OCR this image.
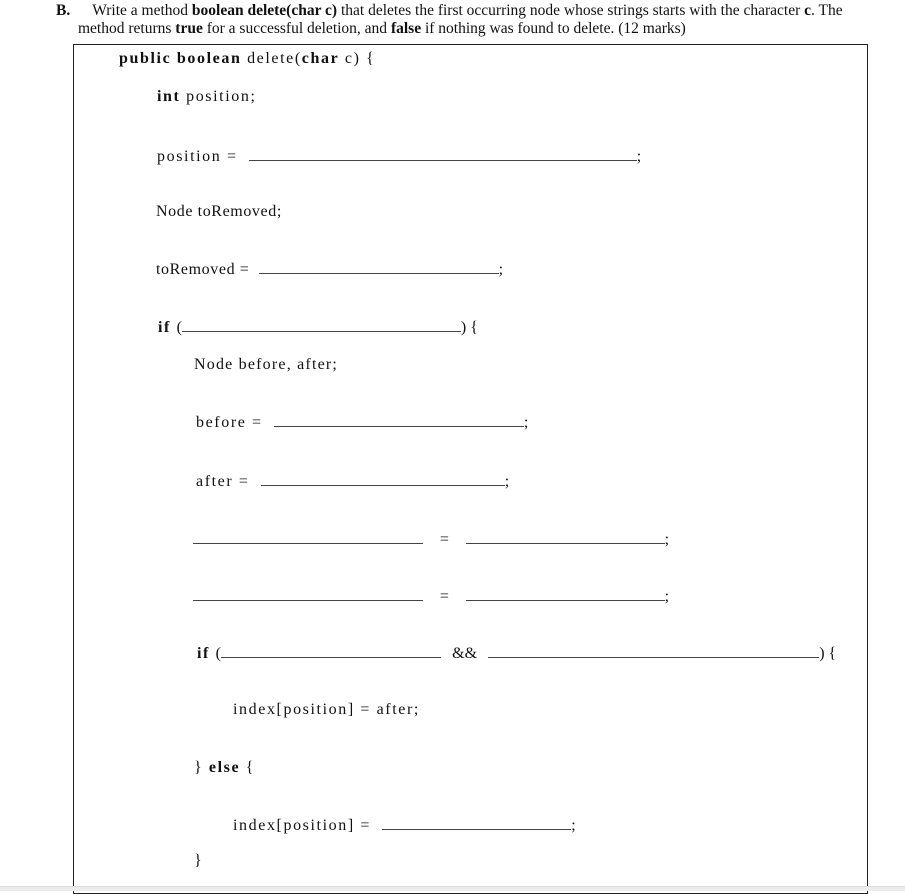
B. Write a method boolean delete(char c) that deletes the first occurring node whose strings starts with the character c. The
method returns true for a successful deletion, and false if nothing was found to delete. (12 marks)
public boolean delete(char c) {
int position;
position =	;
Node toRemoved;
toRemoved =	;
if (	) {
Node before, after;
before =	;
after =	;
=	;
=	;
if (	&&	) {
index[position] = after;
} else {
index[position] =	;
}
